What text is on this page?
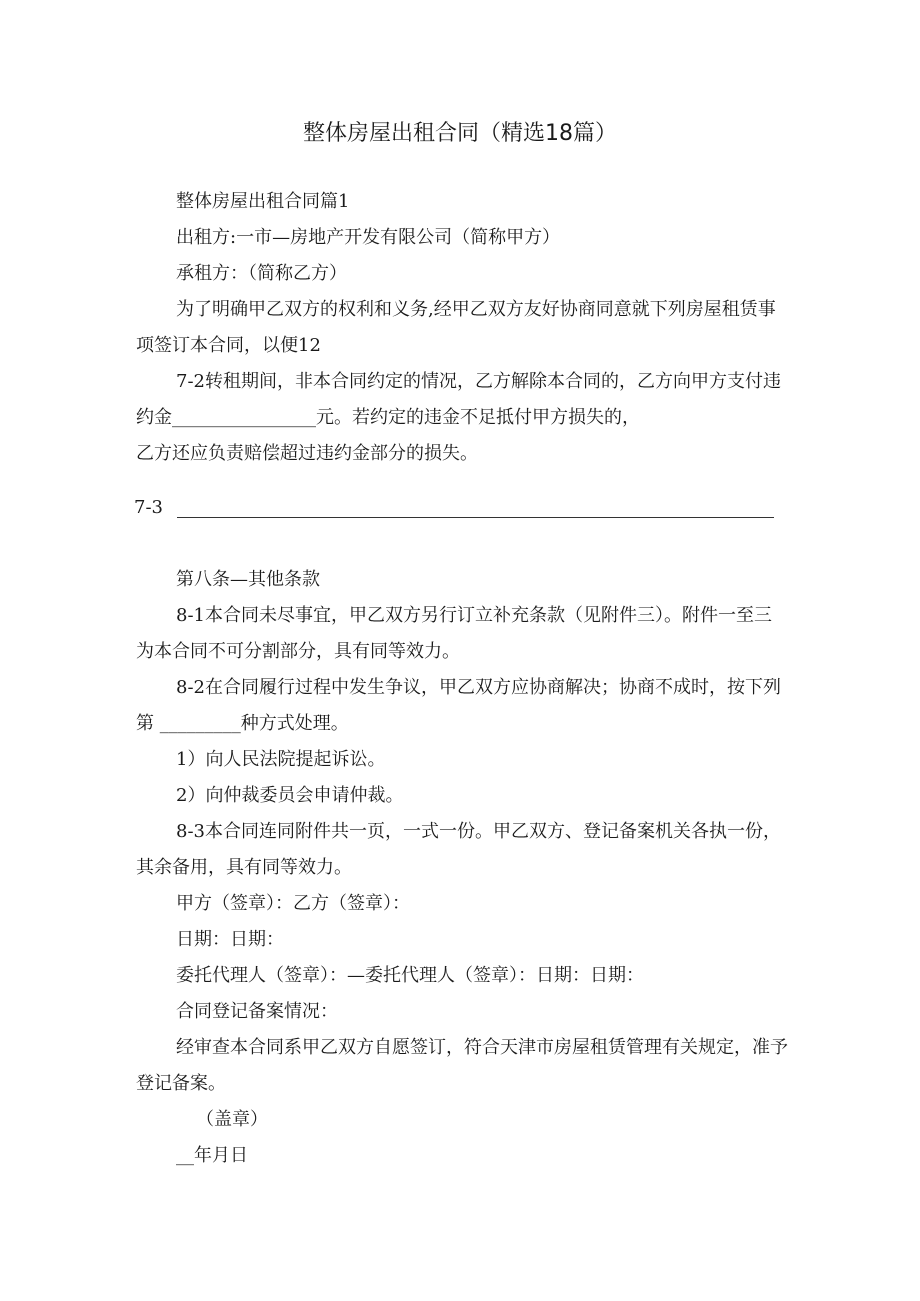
整体房屋出租合同（精选18篇）

整体房屋出租合同篇1

出租方:一市—房地产开发有限公司（简称甲方）

承租方：（简称乙方）

为了明确甲乙双方的权利和义务,经甲乙双方友好协商同意就下列房屋租赁事项签订本合同，以便12

7-2转租期间，非本合同约定的情况，乙方解除本合同的，乙方向甲方支付违约金________________元。若约定的违金不足抵付甲方损失的，

乙方还应负责赔偿超过违约金部分的损失。

7-3

第八条—其他条款

8-1本合同未尽事宜，甲乙双方另行订立补充条款（见附件三）。附件一至三为本合同不可分割部分，具有同等效力。

8-2在合同履行过程中发生争议，甲乙双方应协商解决；协商不成时，按下列第 _________种方式处理。

1）向人民法院提起诉讼。

2）向仲裁委员会申请仲裁。

8-3本合同连同附件共一页，一式一份。甲乙双方、登记备案机关各执一份，其余备用，具有同等效力。

甲方（签章）：乙方（签章）：

日期：日期：

委托代理人（签章）：—委托代理人（签章）：日期：日期：

合同登记备案情况：

经审查本合同系甲乙双方自愿签订，符合天津市房屋租赁管理有关规定，准予登记备案。

（盖章）

__年月日
